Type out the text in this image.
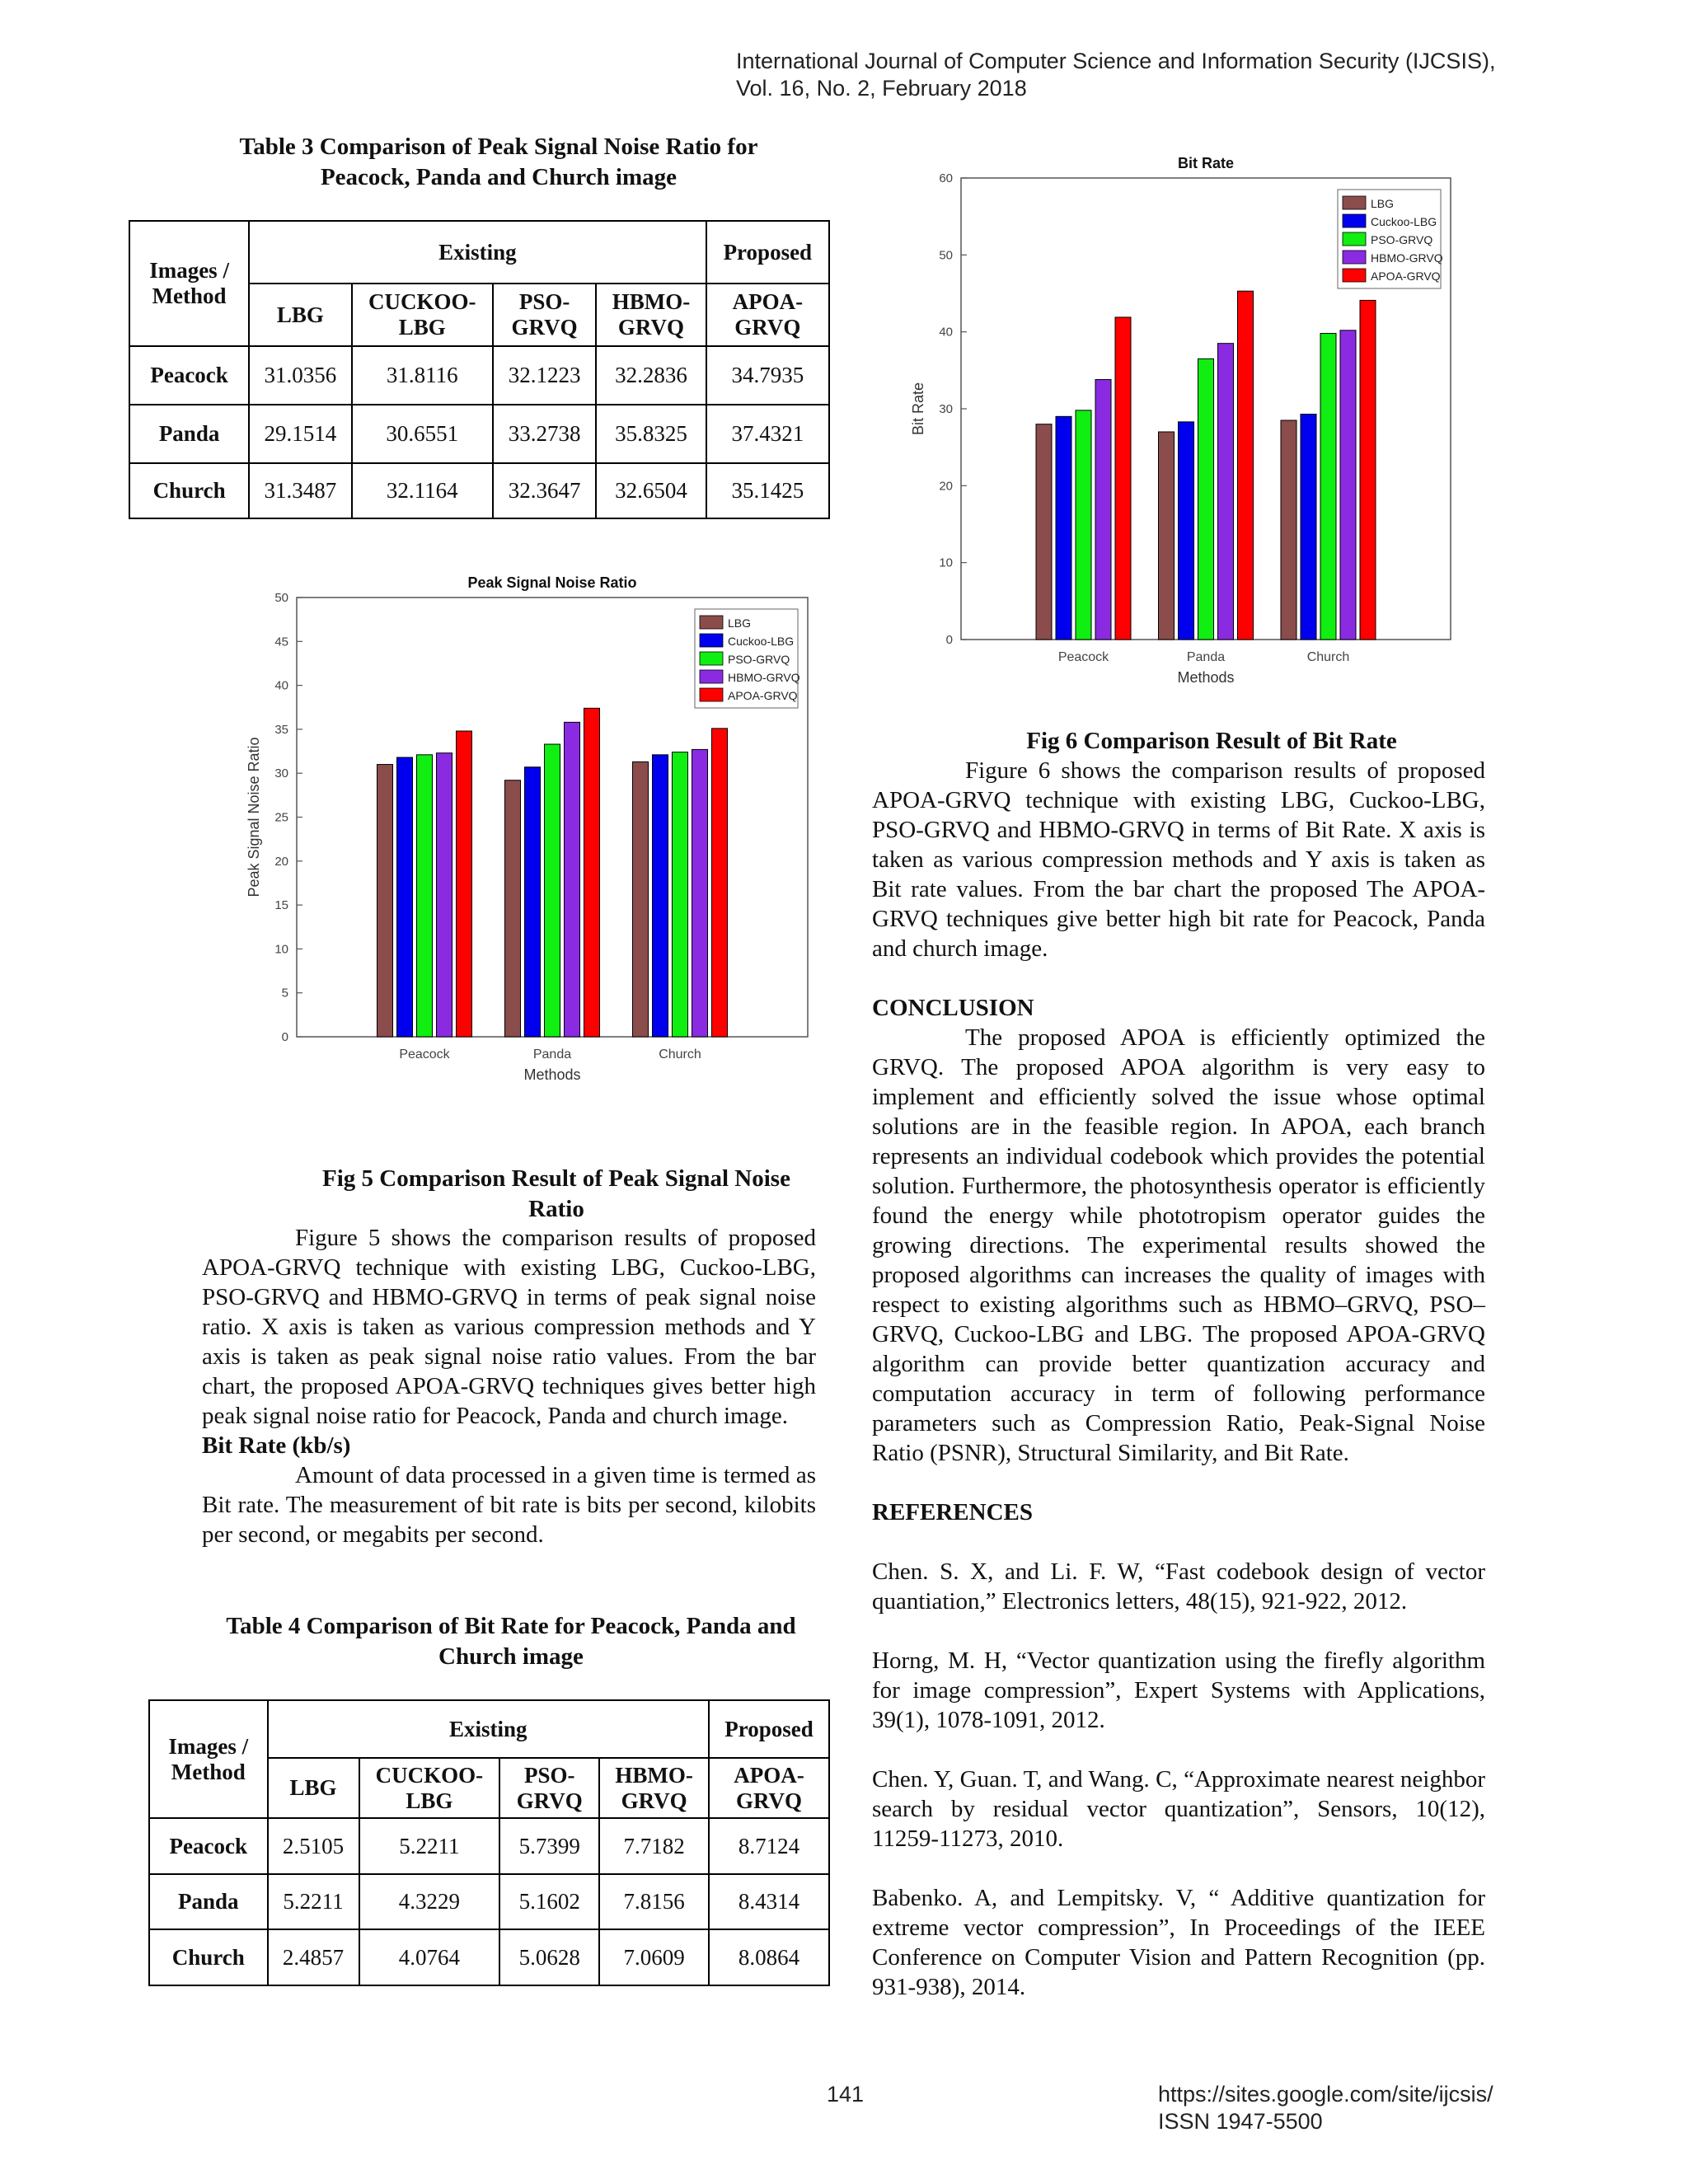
International Journal of Computer Science and Information Security (IJCSIS),
Vol. 16, No. 2, February 2018
Table 3 Comparison of Peak Signal Noise Ratio for Peacock, Panda and Church image
Images / Method	Existing				Proposed
	LBG	CUCKOO-LBG	PSO-GRVQ	HBMO-GRVQ	APOA-GRVQ
Peacock	31.0356	31.8116	32.1223	32.2836	34.7935
Panda	29.1514	30.6551	33.2738	35.8325	37.4321
Church	31.3487	32.1164	32.3647	32.6504	35.1425
0
5
10
15
20
25
30
35
40
45
50
Peacock	Panda	Church
Peak Signal Noise Ratio
Methods
Peak Signal Noise Ratio
LBG
Cuckoo-LBG
PSO-GRVQ
HBMO-GRVQ
APOA-GRVQ
Fig 5 Comparison Result of Peak Signal Noise Ratio

Figure 5 shows the comparison results of proposed APOA-GRVQ technique with existing LBG, Cuckoo-LBG, PSO-GRVQ and HBMO-GRVQ in terms of peak signal noise ratio. X axis is taken as various compression methods and Y axis is taken as peak signal noise ratio values. From the bar chart, the proposed APOA-GRVQ techniques gives better high peak signal noise ratio for Peacock, Panda and church image.

Bit Rate (kb/s)

Amount of data processed in a given time is termed as Bit rate. The measurement of bit rate is bits per second, kilobits per second, or megabits per second.

Table 4 Comparison of Bit Rate for Peacock, Panda and Church image
Images / Method	Existing				Proposed
	LBG	CUCKOO-LBG	PSO-GRVQ	HBMO-GRVQ	APOA-GRVQ
Peacock	2.5105	5.2211	5.7399	7.7182	8.7124
Panda	5.2211	4.3229	5.1602	7.8156	8.4314
Church	2.4857	4.0764	5.0628	7.0609	8.0864
0
10
20
30
40
50
60
Peacock	Panda	Church
Bit Rate
Methods
Bit Rate
LBG
Cuckoo-LBG
PSO-GRVQ
HBMO-GRVQ
APOA-GRVQ
Fig 6 Comparison Result of Bit Rate

Figure 6 shows the comparison results of proposed APOA-GRVQ technique with existing LBG, Cuckoo-LBG, PSO-GRVQ and HBMO-GRVQ in terms of Bit Rate. X axis is taken as various compression methods and Y axis is taken as Bit rate values. From the bar chart the proposed The APOA-GRVQ techniques give better high bit rate for Peacock, Panda and church image.

CONCLUSION

The proposed APOA is efficiently optimized the GRVQ. The proposed APOA algorithm is very easy to implement and efficiently solved the issue whose optimal solutions are in the feasible region. In APOA, each branch represents an individual codebook which provides the potential solution. Furthermore, the photosynthesis operator is efficiently found the energy while phototropism operator guides the growing directions. The experimental results showed the proposed algorithms can increases the quality of images with respect to existing algorithms such as HBMO–GRVQ, PSO–GRVQ, Cuckoo-LBG and LBG. The proposed APOA-GRVQ algorithm can provide better quantization accuracy and computation accuracy in term of following performance parameters such as Compression Ratio, Peak-Signal Noise Ratio (PSNR), Structural Similarity, and Bit Rate.

REFERENCES

Chen. S. X, and Li. F. W, “Fast codebook design of vector quantiation,” Electronics letters, 48(15), 921-922, 2012.

Horng, M. H, “Vector quantization using the firefly algorithm for image compression”, Expert Systems with Applications, 39(1), 1078-1091, 2012.

Chen. Y, Guan. T, and Wang. C, “Approximate nearest neighbor search by residual vector quantization”, Sensors, 10(12), 11259-11273, 2010.

Babenko. A, and Lempitsky. V, “ Additive quantization for extreme vector compression”, In Proceedings of the IEEE Conference on Computer Vision and Pattern Recognition (pp. 931-938), 2014.

141	https://sites.google.com/site/ijcsis/
ISSN 1947-5500
